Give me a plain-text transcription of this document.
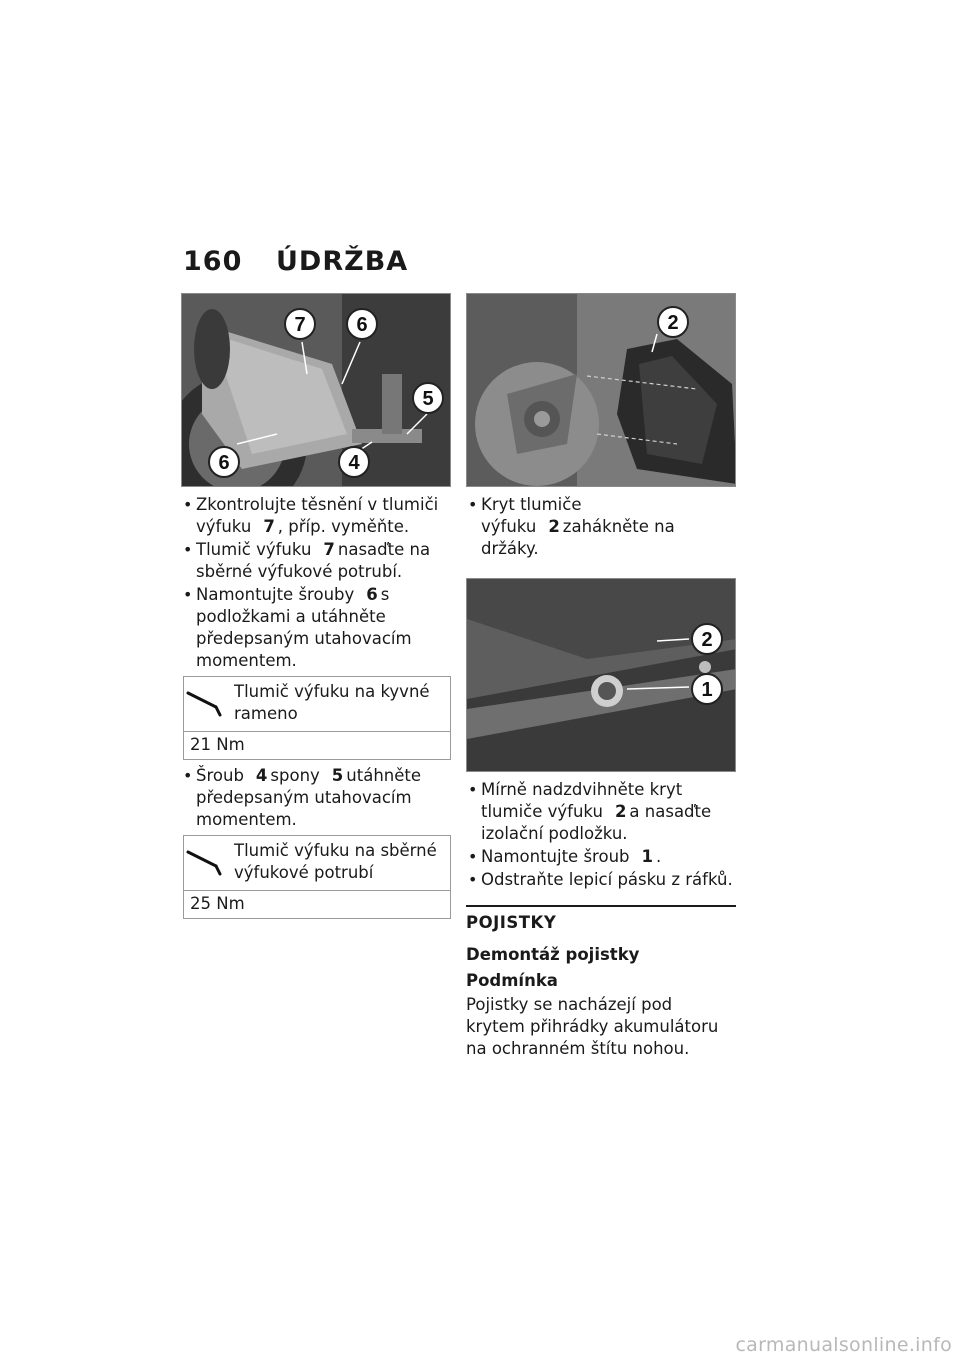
160	ÚDRŽBA
7	6
5
6	4
• Zkontrolujte těsnění v tlumiči výfuku 7 , příp. vyměňte.
• Tlumič výfuku 7 nasaďte na sběrné výfukové potrubí.
• Namontujte šrouby 6 s podložkami a utáhněte předepsaným utahovacím momentem.
Tlumič výfuku na kyvné rameno
21 Nm
• Šroub 4 spony 5 utáhněte předepsaným utahovacím momentem.
Tlumič výfuku na sběrné výfukové potrubí
25 Nm
2
• Kryt tlumiče výfuku 2 zahákněte na držáky.
2
1
• Mírně nadzdvihněte kryt tlumiče výfuku 2 a nasaďte izolační podložku.
• Namontujte šroub 1 .
• Odstraňte lepicí pásku z ráfků.
POJISTKY
Demontáž pojistky
Podmínka
Pojistky se nacházejí pod krytem přihrádky akumulátoru na ochranném štítu nohou.
carmanualsonline.info
